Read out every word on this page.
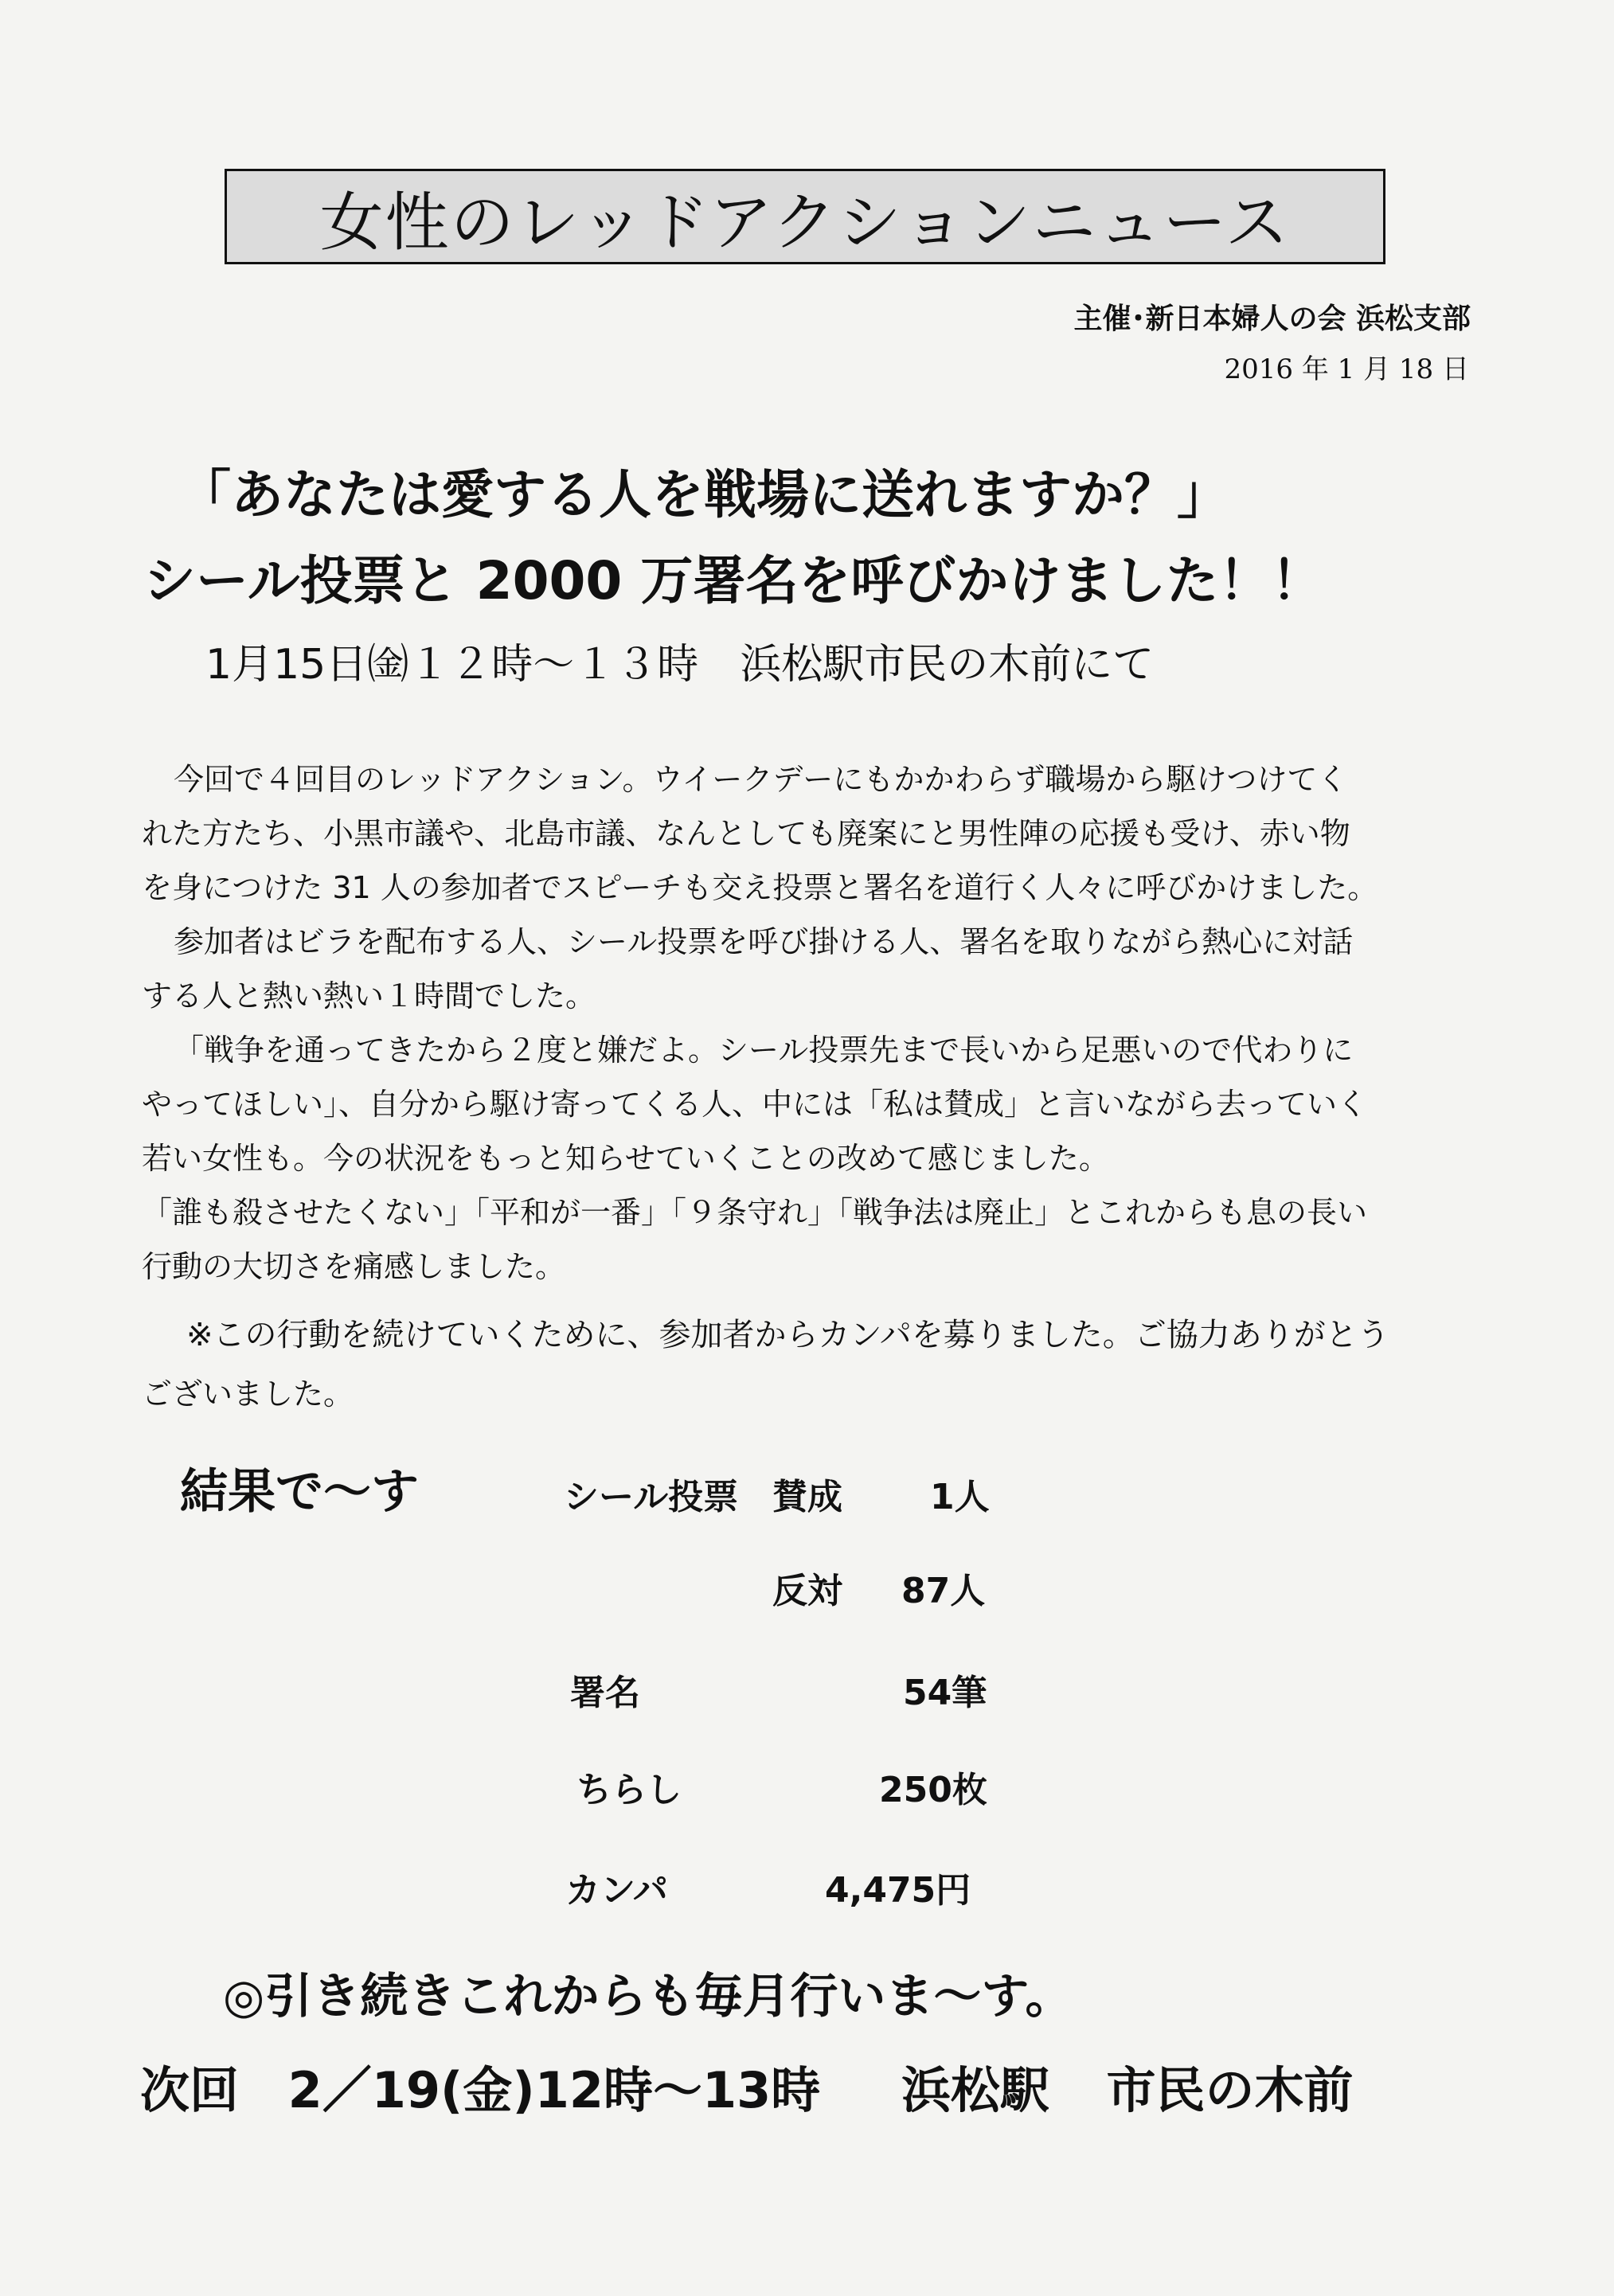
女性のレッドアクションニュース
主催･新日本婦人の会 浜松支部
2016 年 1 月 18 日
「あなたは愛する人を戦場に送れますか？」
シール投票と 2000 万署名を呼びかけました！！
1月15日㈮１２時～１３時　浜松駅市民の木前にて

今回で４回目のレッドアクション。ウイークデーにもかかわらず職場から駆けつけてく

れた方たち、小黒市議や、北島市議、なんとしても廃案にと男性陣の応援も受け、赤い物

を身につけた 31 人の参加者でスピーチも交え投票と署名を道行く人々に呼びかけました。

参加者はビラを配布する人、シール投票を呼び掛ける人、署名を取りながら熱心に対話

する人と熱い熱い１時間でした。

「戦争を通ってきたから２度と嫌だよ。シール投票先まで長いから足悪いので代わりに

やってほしい」、自分から駆け寄ってくる人、中には「私は賛成」と言いながら去っていく

若い女性も。今の状況をもっと知らせていくことの改めて感じました。

「誰も殺させたくない」「平和が一番」「９条守れ」「戦争法は廃止」とこれからも息の長い

行動の大切さを痛感しました。

※この行動を続けていくために、参加者からカンパを募りました。ご協力ありがとう

ございました。

結果で～す	シール投票 賛成	1人
反対 87人
署名	54筆
ちらし	250枚
カンパ	4,475円
◎引き続きこれからも毎月行いま～す。
次回 2／19(金)12時～13時 浜松駅 市民の木前
